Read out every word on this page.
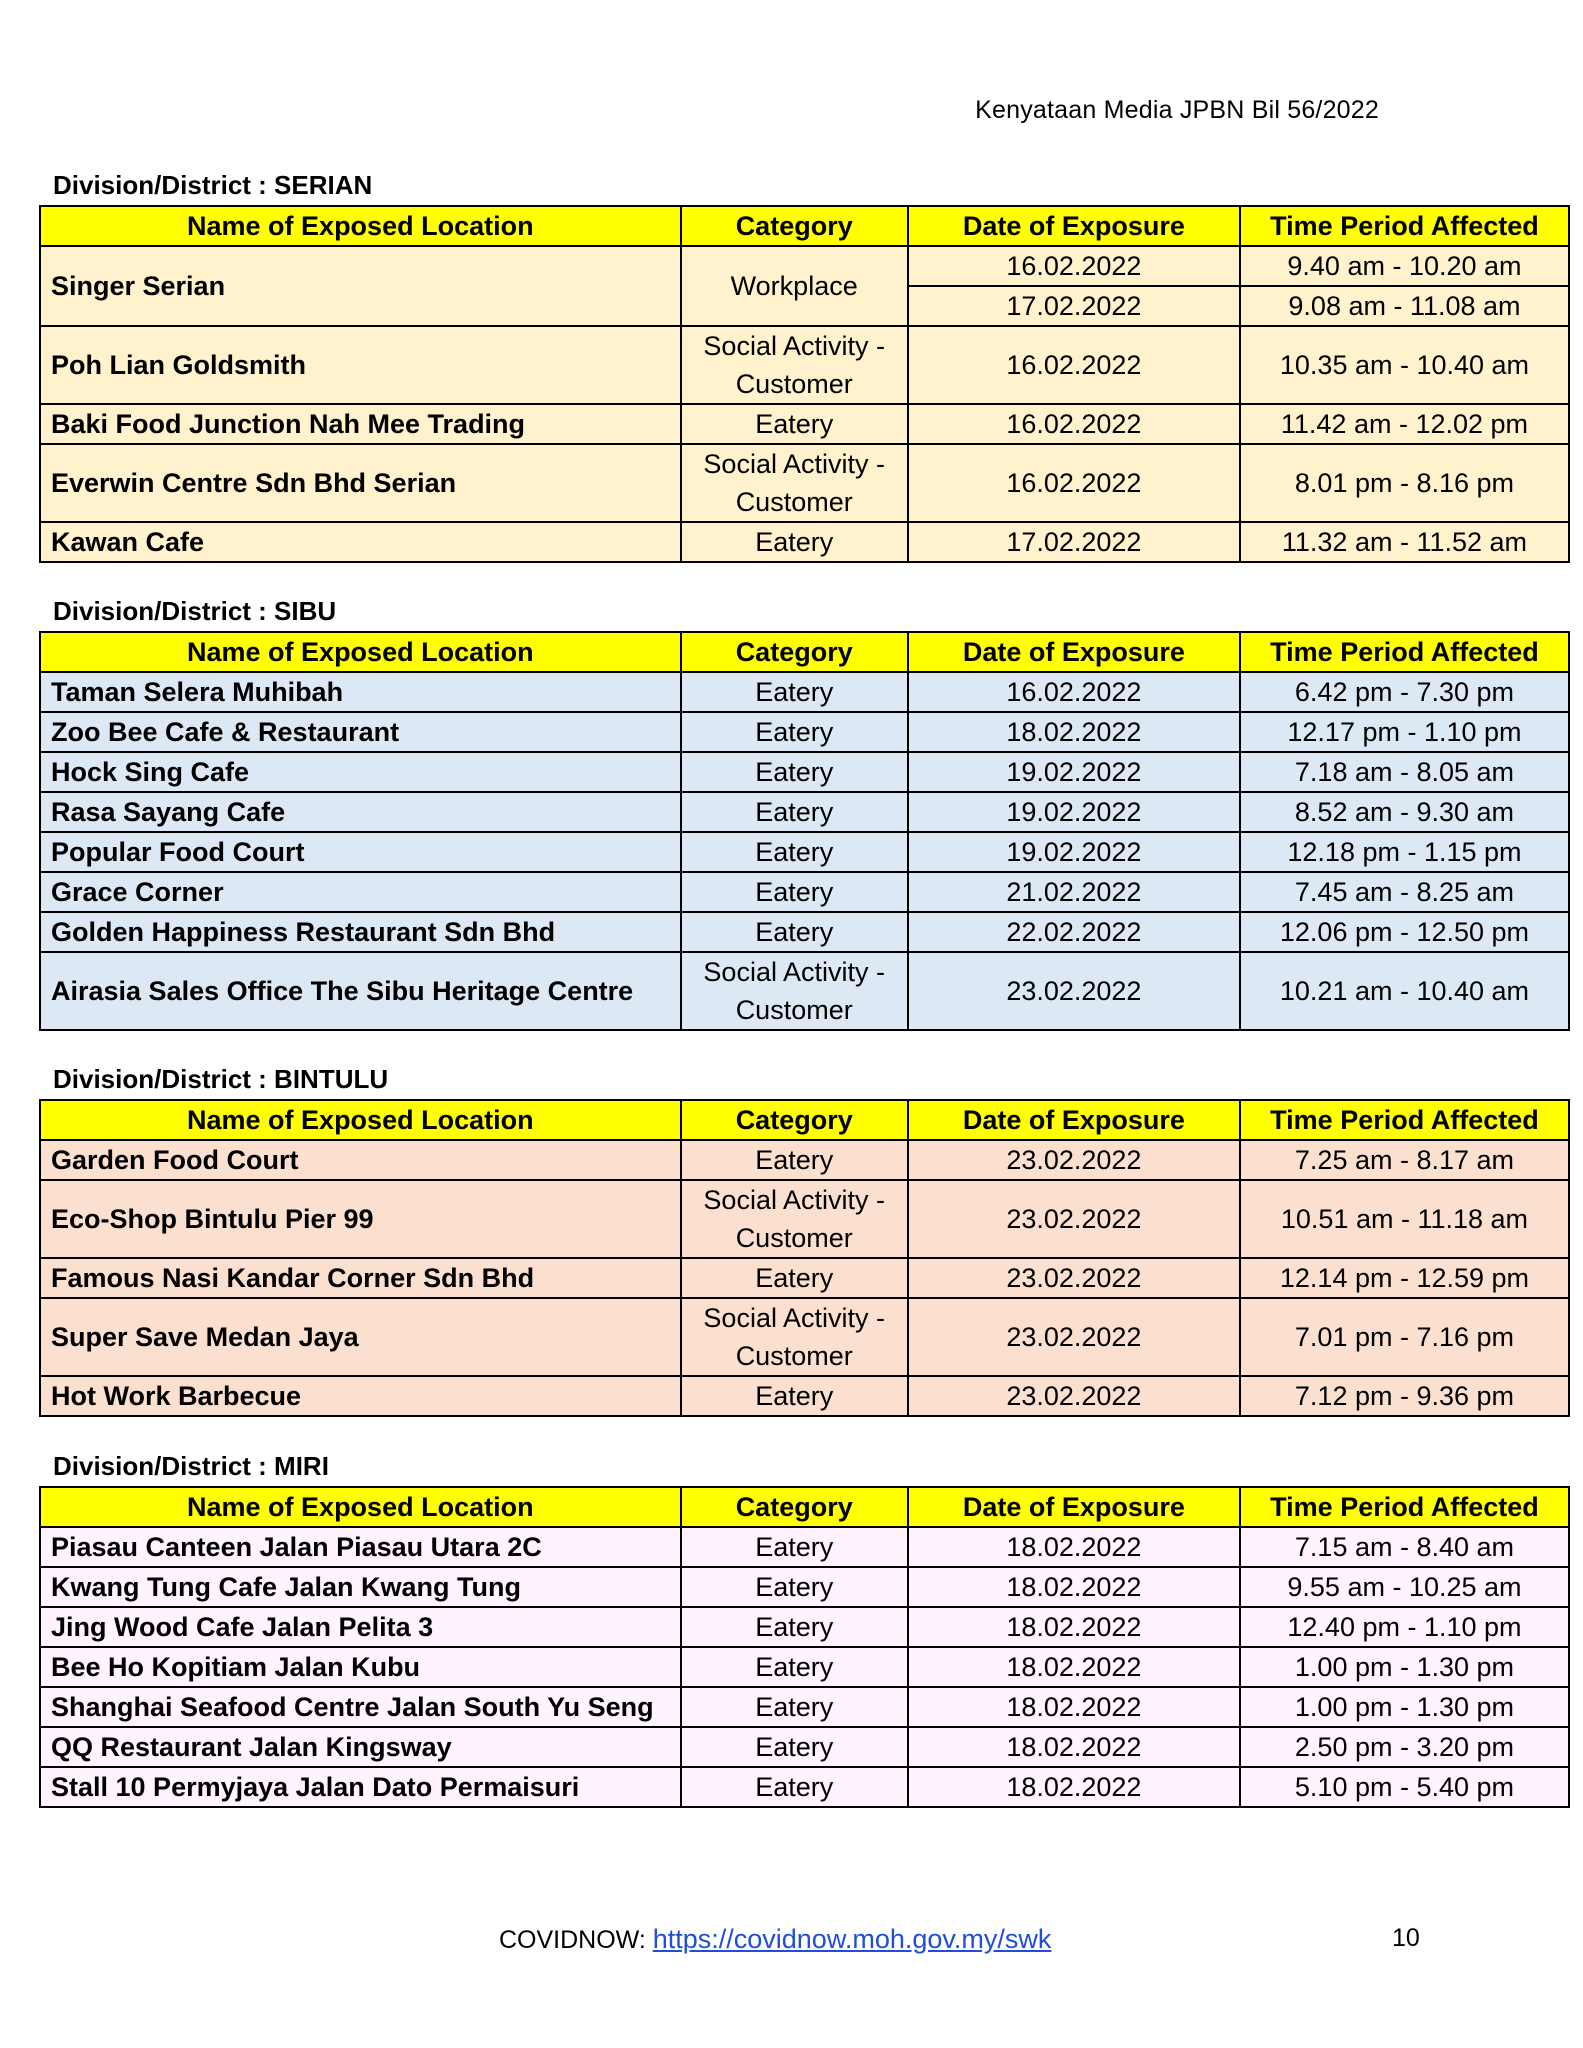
Kenyataan Media JPBN Bil 56/2022
Division/District : SERIAN
Name of Exposed Location	Category	Date of Exposure	Time Period Affected
Singer Serian	Workplace	16.02.2022	9.40 am - 10.20 am
		17.02.2022	9.08 am - 11.08 am
Poh Lian Goldsmith	Social Activity - Customer	16.02.2022	10.35 am - 10.40 am
Baki Food Junction Nah Mee Trading	Eatery	16.02.2022	11.42 am - 12.02 pm
Everwin Centre Sdn Bhd Serian	Social Activity - Customer	16.02.2022	8.01 pm - 8.16 pm
Kawan Cafe	Eatery	17.02.2022	11.32 am - 11.52 am
Division/District : SIBU
Name of Exposed Location	Category	Date of Exposure	Time Period Affected
Taman Selera Muhibah	Eatery	16.02.2022	6.42 pm - 7.30 pm
Zoo Bee Cafe & Restaurant	Eatery	18.02.2022	12.17 pm - 1.10 pm
Hock Sing Cafe	Eatery	19.02.2022	7.18 am - 8.05 am
Rasa Sayang Cafe	Eatery	19.02.2022	8.52 am - 9.30 am
Popular Food Court	Eatery	19.02.2022	12.18 pm - 1.15 pm
Grace Corner	Eatery	21.02.2022	7.45 am - 8.25 am
Golden Happiness Restaurant Sdn Bhd	Eatery	22.02.2022	12.06 pm - 12.50 pm
Airasia Sales Office The Sibu Heritage Centre	Social Activity - Customer	23.02.2022	10.21 am - 10.40 am
Division/District : BINTULU
Name of Exposed Location	Category	Date of Exposure	Time Period Affected
Garden Food Court	Eatery	23.02.2022	7.25 am - 8.17 am
Eco-Shop Bintulu Pier 99	Social Activity - Customer	23.02.2022	10.51 am - 11.18 am
Famous Nasi Kandar Corner Sdn Bhd	Eatery	23.02.2022	12.14 pm - 12.59 pm
Super Save Medan Jaya	Social Activity - Customer	23.02.2022	7.01 pm - 7.16 pm
Hot Work Barbecue	Eatery	23.02.2022	7.12 pm - 9.36 pm
Division/District : MIRI
Name of Exposed Location	Category	Date of Exposure	Time Period Affected
Piasau Canteen Jalan Piasau Utara 2C	Eatery	18.02.2022	7.15 am - 8.40 am
Kwang Tung Cafe Jalan Kwang Tung	Eatery	18.02.2022	9.55 am - 10.25 am
Jing Wood Cafe Jalan Pelita 3	Eatery	18.02.2022	12.40 pm - 1.10 pm
Bee Ho Kopitiam Jalan Kubu	Eatery	18.02.2022	1.00 pm - 1.30 pm
Shanghai Seafood Centre Jalan South Yu Seng	Eatery	18.02.2022	1.00 pm - 1.30 pm
QQ Restaurant Jalan Kingsway	Eatery	18.02.2022	2.50 pm - 3.20 pm
Stall 10 Permyjaya Jalan Dato Permaisuri	Eatery	18.02.2022	5.10 pm - 5.40 pm
COVIDNOW: https://covidnow.moh.gov.my/swk	10
